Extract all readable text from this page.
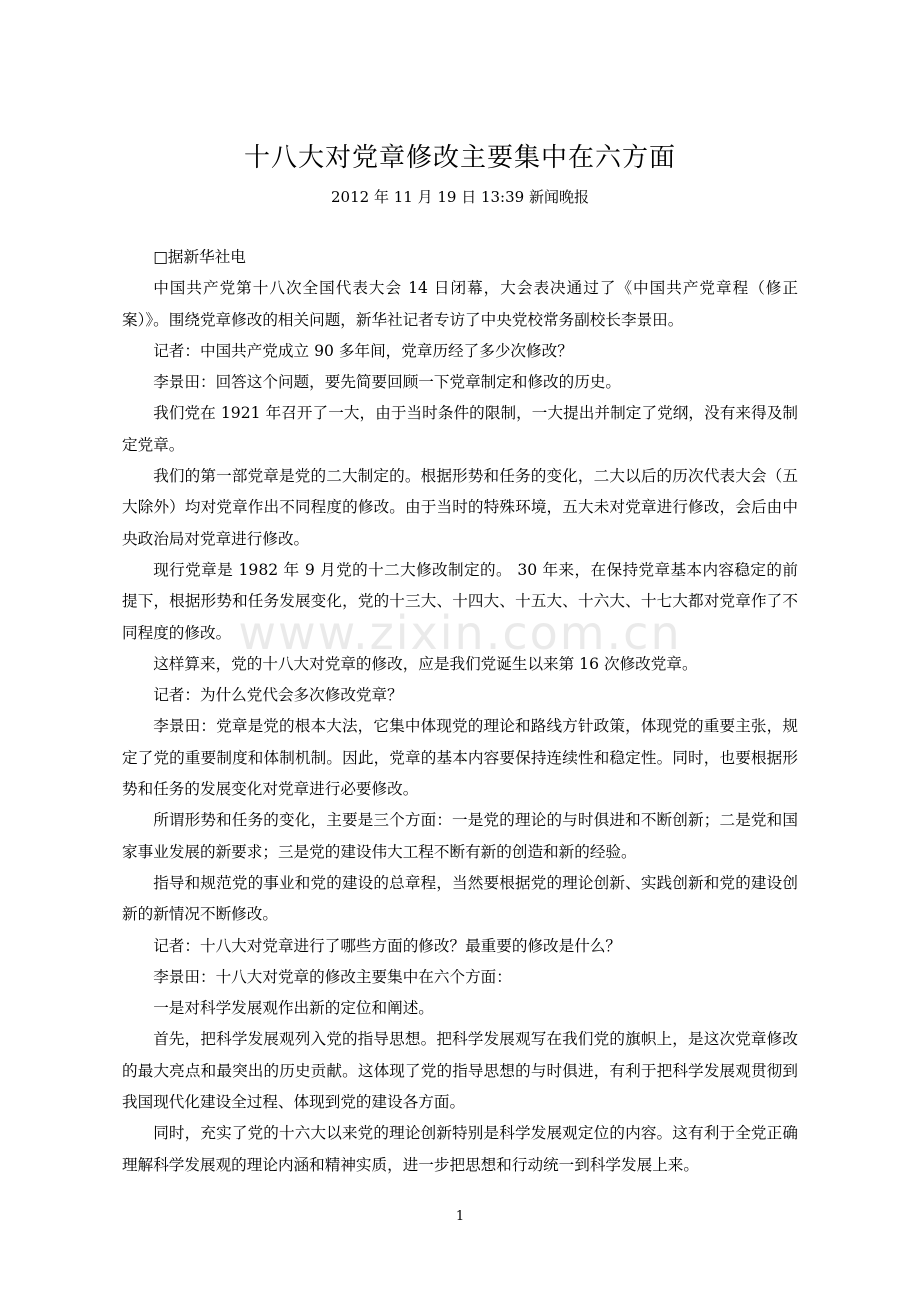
十八大对党章修改主要集中在六方面
2012 年 11 月 19 日 13:39 新闻晚报

□据新华社电

中国共产党第十八次全国代表大会 14 日闭幕，大会表决通过了《中国共产党章程（修正案）》。围绕党章修改的相关问题，新华社记者专访了中央党校常务副校长李景田。

记者：中国共产党成立 90 多年间，党章历经了多少次修改？

李景田：回答这个问题，要先简要回顾一下党章制定和修改的历史。

我们党在 1921 年召开了一大，由于当时条件的限制，一大提出并制定了党纲，没有来得及制定党章。

我们的第一部党章是党的二大制定的。根据形势和任务的变化，二大以后的历次代表大会（五大除外）均对党章作出不同程度的修改。由于当时的特殊环境，五大未对党章进行修改，会后由中央政治局对党章进行修改。

现行党章是 1982 年 9 月党的十二大修改制定的。 30 年来，在保持党章基本内容稳定的前提下，根据形势和任务发展变化，党的十三大、十四大、十五大、十六大、十七大都对党章作了不同程度的修改。

这样算来，党的十八大对党章的修改，应是我们党诞生以来第 16 次修改党章。

记者：为什么党代会多次修改党章？

李景田：党章是党的根本大法，它集中体现党的理论和路线方针政策，体现党的重要主张，规定了党的重要制度和体制机制。因此，党章的基本内容要保持连续性和稳定性。同时，也要根据形势和任务的发展变化对党章进行必要修改。

所谓形势和任务的变化，主要是三个方面：一是党的理论的与时俱进和不断创新；二是党和国家事业发展的新要求；三是党的建设伟大工程不断有新的创造和新的经验。

指导和规范党的事业和党的建设的总章程，当然要根据党的理论创新、实践创新和党的建设创新的新情况不断修改。

记者：十八大对党章进行了哪些方面的修改？最重要的修改是什么？

李景田：十八大对党章的修改主要集中在六个方面：

一是对科学发展观作出新的定位和阐述。

首先，把科学发展观列入党的指导思想。把科学发展观写在我们党的旗帜上，是这次党章修改的最大亮点和最突出的历史贡献。这体现了党的指导思想的与时俱进，有利于把科学发展观贯彻到我国现代化建设全过程、体现到党的建设各方面。

同时，充实了党的十六大以来党的理论创新特别是科学发展观定位的内容。这有利于全党正确理解科学发展观的理论内涵和精神实质，进一步把思想和行动统一到科学发展上来。

www.zixin.com.cn
1
